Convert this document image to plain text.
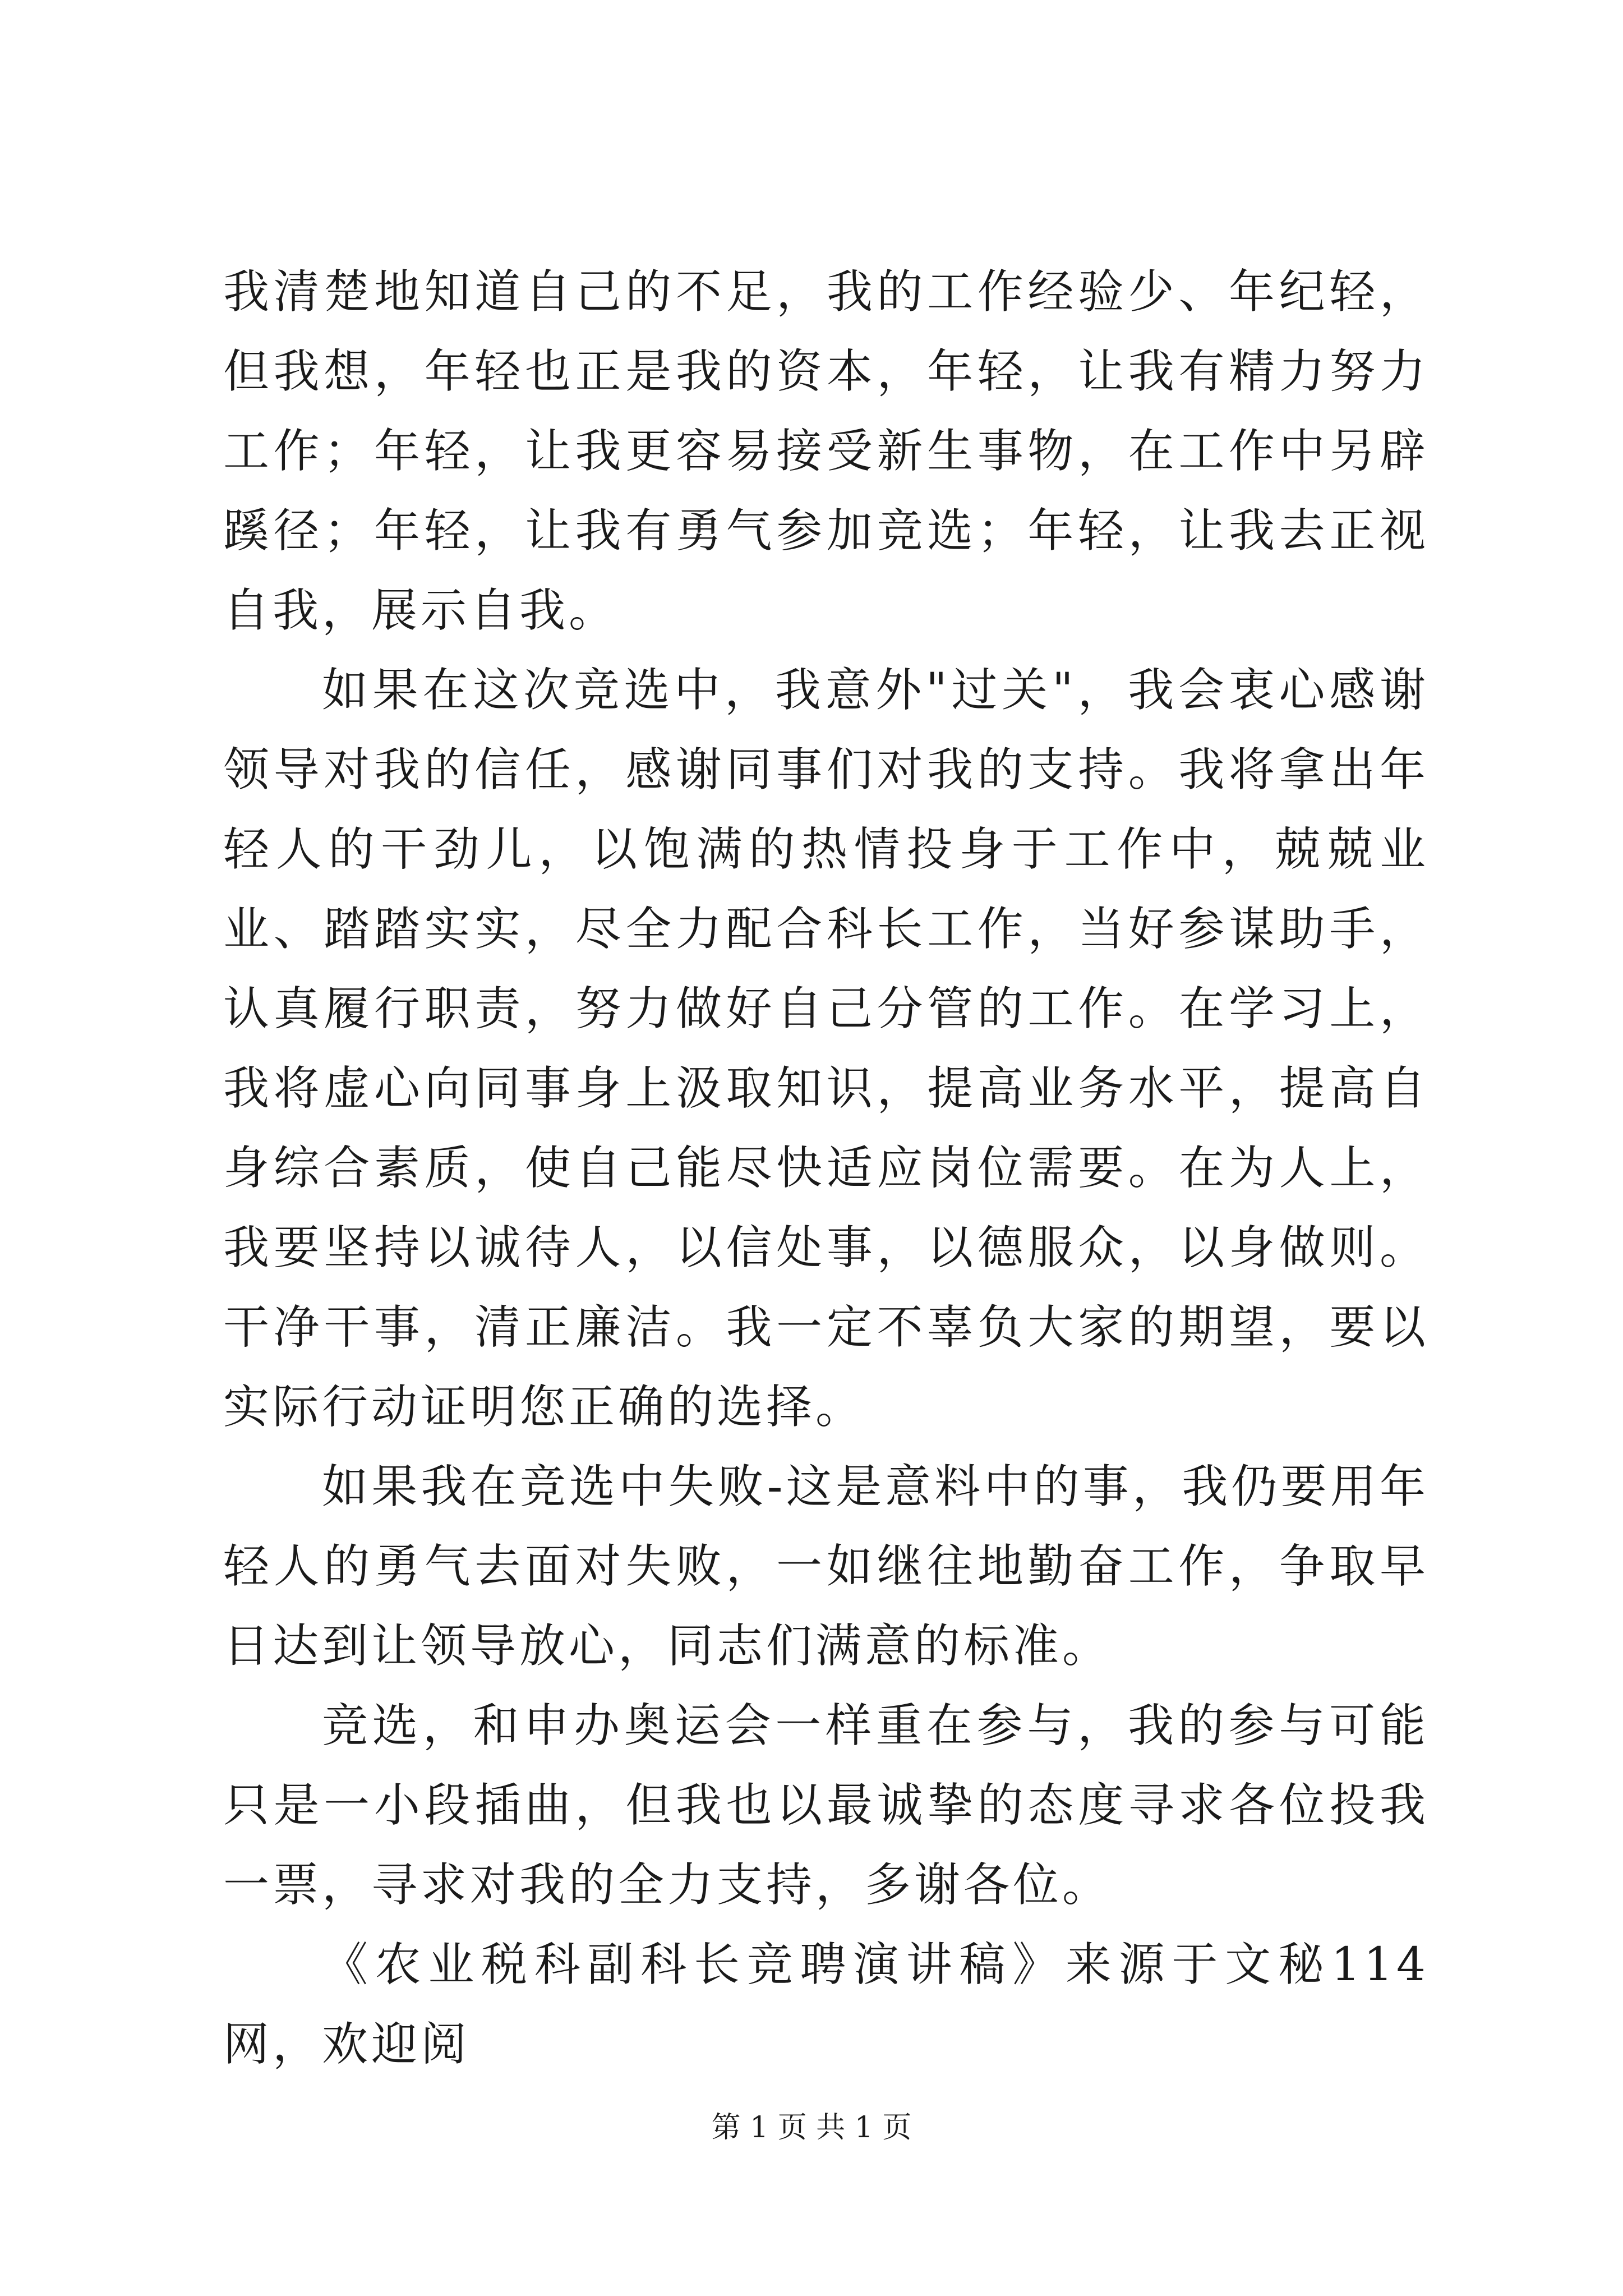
我清楚地知道自己的不足，我的工作经验少、年纪轻，但我想，年轻也正是我的资本，年轻，让我有精力努力工作；年轻，让我更容易接受新生事物，在工作中另辟蹊径；年轻，让我有勇气参加竞选；年轻，让我去正视自我，展示自我。

如果在这次竞选中，我意外"过关"，我会衷心感谢领导对我的信任，感谢同事们对我的支持。我将拿出年轻人的干劲儿，以饱满的热情投身于工作中，兢兢业业、踏踏实实，尽全力配合科长工作，当好参谋助手，认真履行职责，努力做好自己分管的工作。在学习上，我将虚心向同事身上汲取知识，提高业务水平，提高自身综合素质，使自己能尽快适应岗位需要。在为人上，我要坚持以诚待人，以信处事，以德服众，以身做则。干净干事，清正廉洁。我一定不辜负大家的期望，要以实际行动证明您正确的选择。

如果我在竞选中失败-这是意料中的事，我仍要用年轻人的勇气去面对失败，一如继往地勤奋工作，争取早日达到让领导放心，同志们满意的标准。

竞选，和申办奥运会一样重在参与，我的参与可能只是一小段插曲，但我也以最诚挚的态度寻求各位投我一票，寻求对我的全力支持，多谢各位。

《农业税科副科长竞聘演讲稿》来源于文秘114网，欢迎阅

第 1 页 共 1 页
